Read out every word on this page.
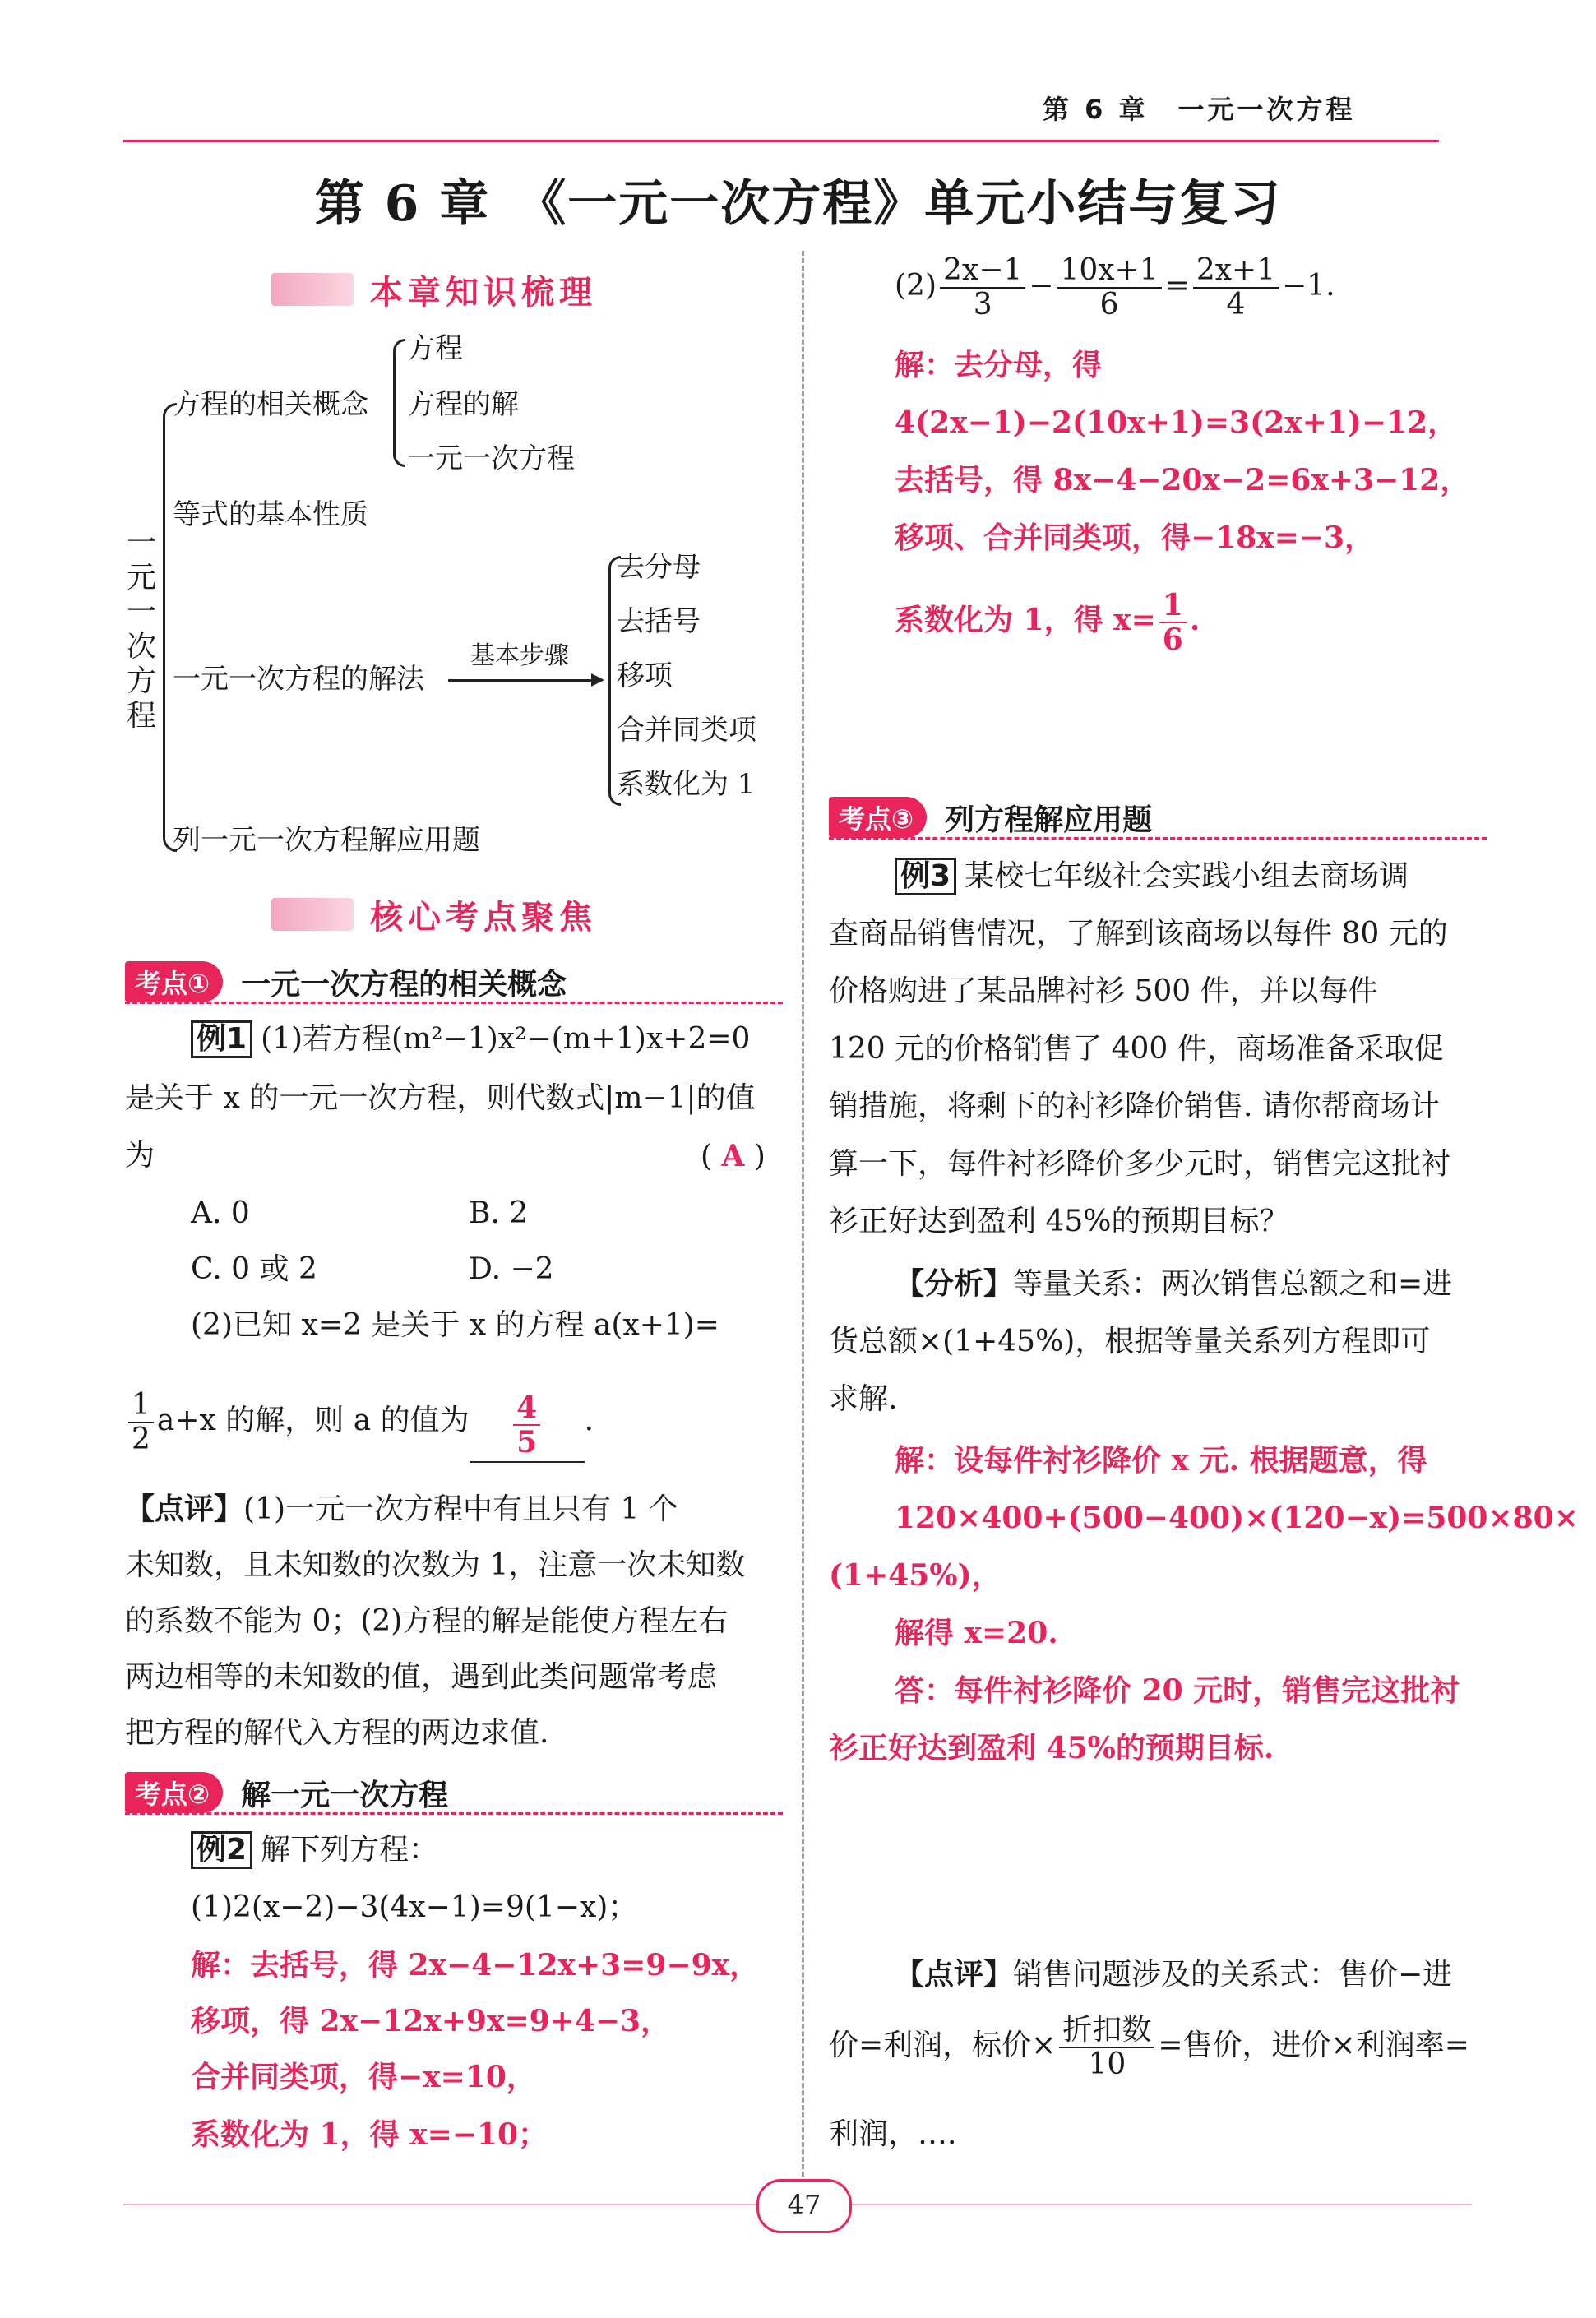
第 6 章　一元一次方程
第 6 章　《一元一次方程》单元小结与复习
本章知识梳理
一
元
一
次
方
程
方程的相关概念
方程
方程的解
一元一次方程
等式的基本性质
一元一次方程的解法
基本步骤
去分母
去括号
移项
合并同类项
系数化为 1
列一元一次方程解应用题
核心考点聚焦
考点①	一元一次方程的相关概念
例1 (1)若方程(m²−1)x²−(m+1)x+2=0
是关于 x 的一元一次方程，则代数式|m−1|的值
为	( A )
A. 0	B. 2
C. 0 或 2	D. −2
(2)已知 x=2 是关于 x 的方程 a(x+1)=
$\frac{1}{2} a+x$ 的解，则 a 的值为 $\frac{4}{5}$ .
【点评】(1)一元一次方程中有且只有 1 个
未知数，且未知数的次数为 1，注意一次未知数
的系数不能为 0；(2)方程的解是能使方程左右
两边相等的未知数的值，遇到此类问题常考虑
把方程的解代入方程的两边求值.
考点②	解一元一次方程
例2 解下列方程：
(1)2(x−2)−3(4x−1)=9(1−x)；
解：去括号，得 2x−4−12x+3=9−9x，
移项，得 2x−12x+9x=9+4−3，
合并同类项，得−x=10，
系数化为 1，得 x=−10；
$(2) \frac{2x-1}{3} - \frac{10x+1}{6} = \frac{2x+1}{4} -1$.
解：去分母，得
4(2x−1)−2(10x+1)=3(2x+1)−12，
去括号，得 8x−4−20x−2=6x+3−12，
移项、合并同类项，得−18x=−3，
系数化为 1，得 $x= \frac{1}{6}$ .
考点③	列方程解应用题
例3 某校七年级社会实践小组去商场调
查商品销售情况，了解到该商场以每件 80 元的
价格购进了某品牌衬衫 500 件，并以每件
120 元的价格销售了 400 件，商场准备采取促
销措施，将剩下的衬衫降价销售. 请你帮商场计
算一下，每件衬衫降价多少元时，销售完这批衬
衫正好达到盈利 45%的预期目标？
【分析】等量关系：两次销售总额之和=进
货总额×(1+45%)，根据等量关系列方程即可
求解.
解：设每件衬衫降价 x 元. 根据题意，得
120×400+(500−400)×(120−x)=500×80×
(1+45%)，
解得 x=20.
答：每件衬衫降价 20 元时，销售完这批衬
衫正好达到盈利 45%的预期目标.
【点评】销售问题涉及的关系式：售价−进
价=利润，标价× $\frac{\text{折扣数}}{10}$ =售价，进价×利润率=
利润，….
47
